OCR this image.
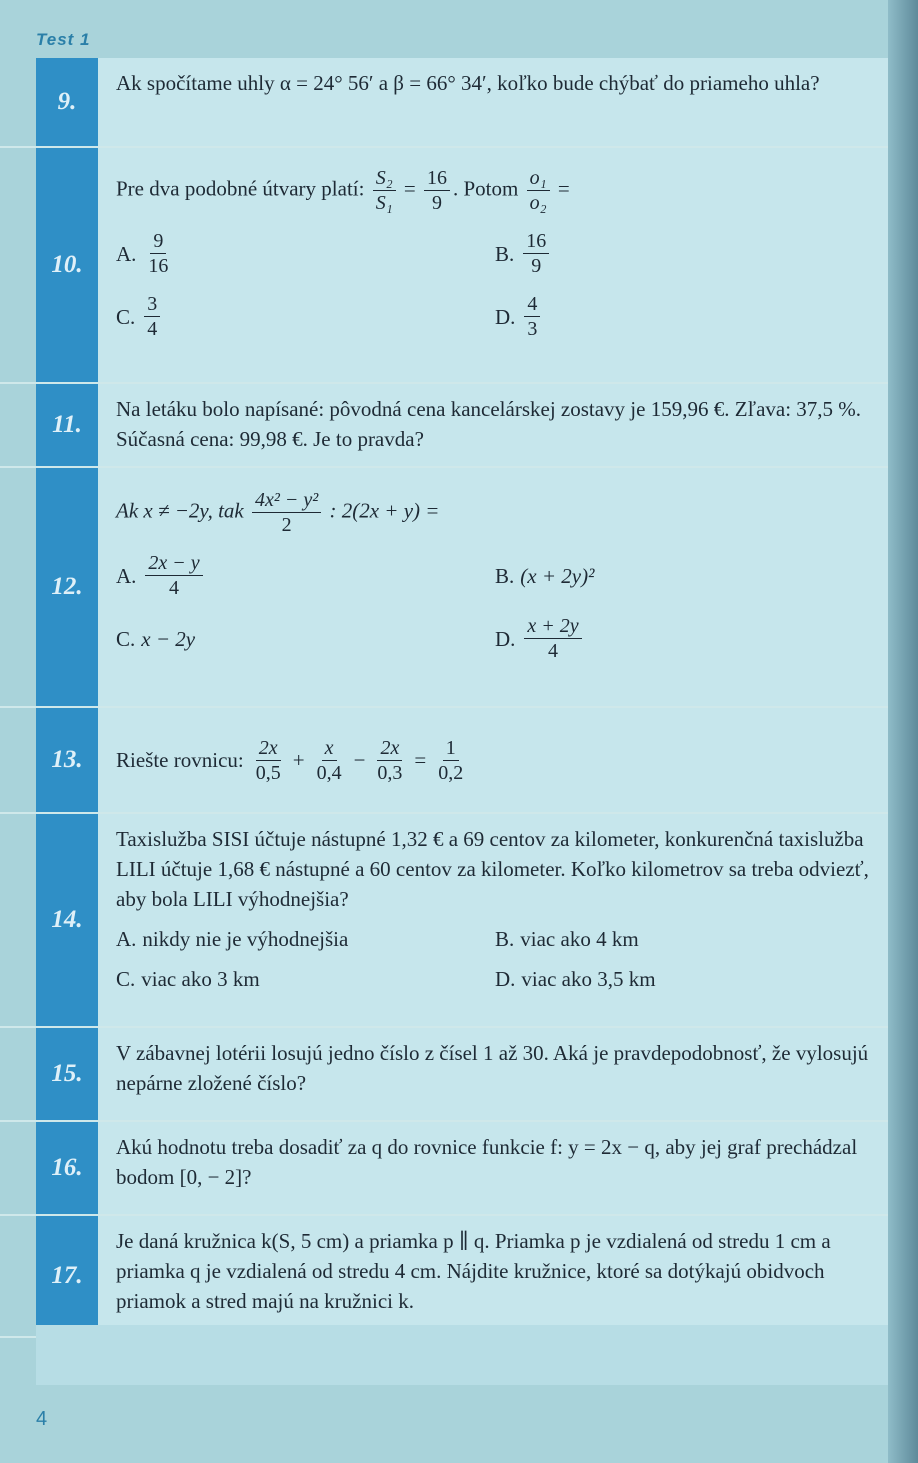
Test 1
9.
Ak spočítame uhly α = 24° 56′ a β = 66° 34′, koľko bude chýbať do priameho uhla?
10.
Pre dva podobné útvary platí: $\frac{\text{S₂}}{\text{S₁}} = \frac{16}{9}$ . Potom $\frac{\text{o₁}}{\text{o₂}}$ =
A. $\frac{9}{16}$	B. $\frac{16}{9}$
C. $\frac{3}{4}$	D. $\frac{4}{3}$
11.
Na letáku bolo napísané: pôvodná cena kancelárskej zostavy je 159,96 €. Zľava: 37,5 %. Súčasná cena: 99,98 €. Je to pravda?
12.
Ak x ≠ −2y, tak $\frac{\text{4x² − y²}}{2}$ : 2(2x + y) =
A. $\frac{2x - y}{4}$	B. (x + 2y)²
C. x − 2y	D. $\frac{x + 2y}{4}$
13.	Riešte rovnicu: $\frac{2x}{0,5} + \frac{x}{0,4} - \frac{2x}{0,3} = \frac{1}{0,2}$
14.
Taxislužba SISI účtuje nástupné 1,32 € a 69 centov za kilometer, konkurenčná taxislužba LILI účtuje 1,68 € nástupné a 60 centov za kilometer. Koľko kilometrov sa treba odviezť, aby bola LILI výhodnejšia?
A. nikdy nie je výhodnejšia	B. viac ako 4 km
C. viac ako 3 km	D. viac ako 3,5 km
15.
V zábavnej lotérii losujú jedno číslo z čísel 1 až 30. Aká je pravdepodobnosť, že vylosujú nepárne zložené číslo?
16.
Akú hodnotu treba dosadiť za q do rovnice funkcie f: y = 2x − q, aby jej graf prechádzal bodom [0, − 2]?
17.
Je daná kružnica k(S, 5 cm) a priamka p ∥ q. Priamka p je vzdialená od stredu 1 cm a priamka q je vzdialená od stredu 4 cm. Nájdite kružnice, ktoré sa dotýkajú obidvoch priamok a stred majú na kružnici k.
4
